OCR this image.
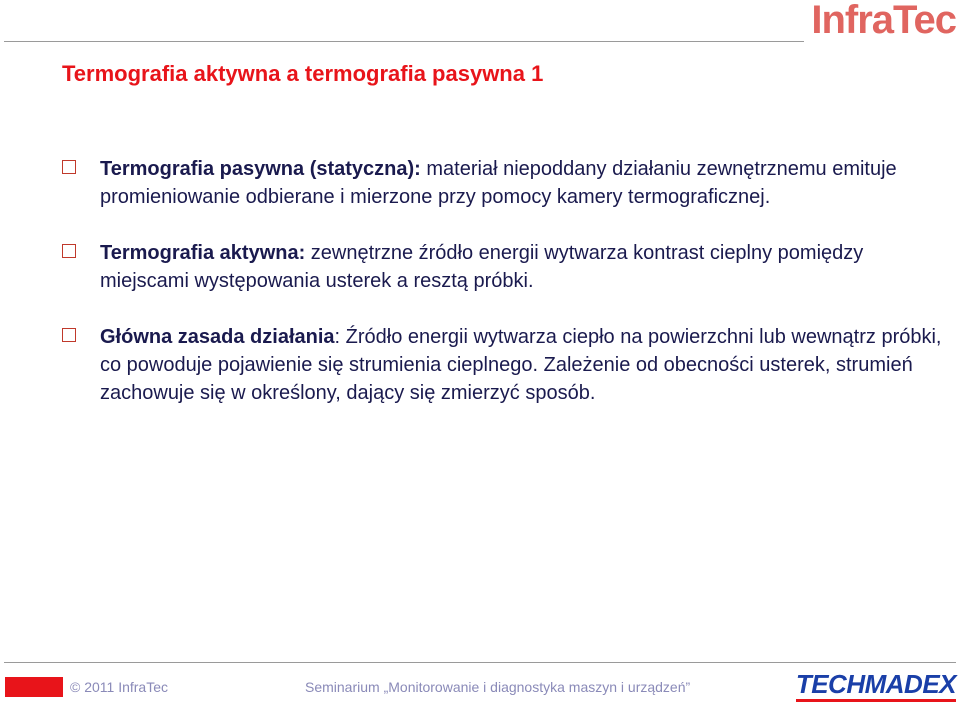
InfraTec
Termografia aktywna a termografia pasywna 1
Termografia pasywna (statyczna): materiał niepoddany działaniu zewnętrznemu emituje promieniowanie odbierane i mierzone przy pomocy kamery termograficznej.
Termografia aktywna: zewnętrzne źródło energii wytwarza kontrast cieplny pomiędzy miejscami występowania usterek a resztą próbki.
Główna zasada działania: Źródło energii wytwarza ciepło na powierzchni lub wewnątrz próbki, co powoduje pojawienie się strumienia cieplnego. Zależenie od obecności usterek, strumień zachowuje się w określony, dający się zmierzyć sposób.
© 2011 InfraTec	Seminarium „Monitorowanie i diagnostyka maszyn i urządzeń”	TECHMADEX
